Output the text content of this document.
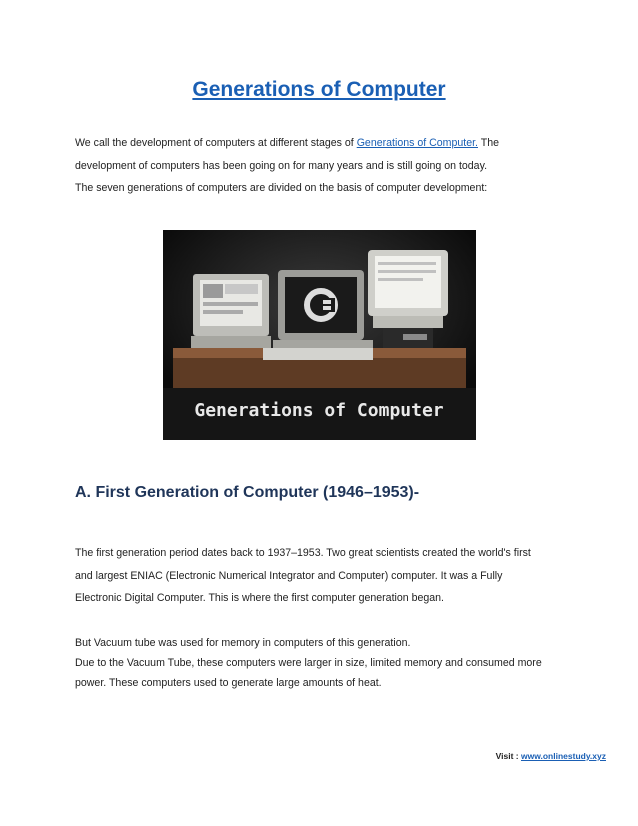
Generations of Computer

We call the development of computers at different stages of Generations of Computer. The

development of computers has been going on for many years and is still going on today.

The seven generations of computers are divided on the basis of computer development:

Generations of Computer
A. First Generation of Computer (1946–1953)-

The first generation period dates back to 1937–1953. Two great scientists created the world's first

and largest ENIAC (Electronic Numerical Integrator and Computer) computer. It was a Fully

Electronic Digital Computer. This is where the first computer generation began.

But Vacuum tube was used for memory in computers of this generation.

Due to the Vacuum Tube, these computers were larger in size, limited memory and consumed more

power. These computers used to generate large amounts of heat.

Visit : www.onlinestudy.xyz
